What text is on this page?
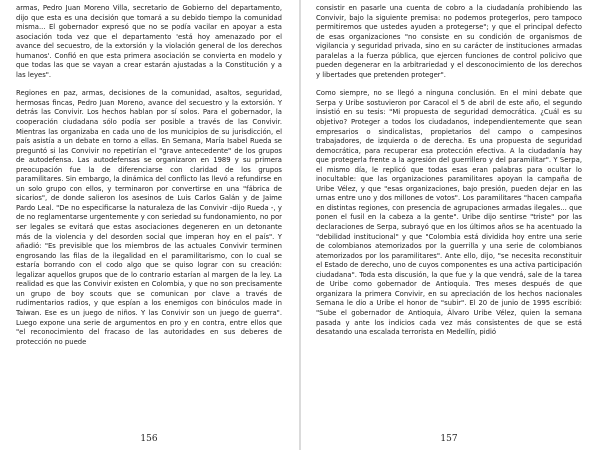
armas, Pedro Juan Moreno Villa, secretario de Gobierno del departamento, dijo que esta es una decisión que tomará a su debido tiempo la comunidad misma... El gobernador expresó que no se podía vacilar en apoyar a esta asociación toda vez que el departamento 'está hoy amenazado por el avance del secuestro, de la extorsión y la violación general de los derechos humanos'. Confió en que esta primera asociación se convierta en modelo y que todas las que se vayan a crear estarán ajustadas a la Constitución y a las leyes".

Regiones en paz, armas, decisiones de la comunidad, asaltos, seguridad, hermosas fincas, Pedro Juan Moreno, avance del secuestro y la extorsión. Y detrás las Convivir. Los hechos hablan por sí solos. Para el gobernador, la cooperación ciudadana sólo podía ser posible a través de las Convivir. Mientras las organizaba en cada uno de los municipios de su jurisdicción, el país asistía a un debate en torno a ellas. En Semana, María Isabel Rueda se preguntó si las Convivir no repetirían el "grave antecedente" de los grupos de autodefensa. Las autodefensas se organizaron en 1989 y su primera preocupación fue la de diferenciarse con claridad de los grupos paramilitares. Sin embargo, la dinámica del conflicto las llevó a refundirse en un solo grupo con ellos, y terminaron por convertirse en una "fábrica de sicarios", de donde salieron los asesinos de Luis Carlos Galán y de Jaime Pardo Leal. "De no especificarse la naturaleza de las Convivir -dijo Rueda -, y de no reglamentarse urgentemente y con seriedad su fundonamiento, no por ser legales se evitará que estas asociaciones degeneren en un detonante más de la violencia y del desorden social que imperan hoy en el país". Y añadió: "Es previsible que los miembros de las actuales Convivir terminen engrosando las filas de la ilegalidad en el paramilitarismo, con lo cual se estaría borrando con el codo algo que se quiso lograr con su creación: legalizar aquellos grupos que de lo contrario estarían al margen de la ley. La realidad es que las Convivir existen en Colombia, y que no son precisamente un grupo de boy scouts que se comunican por clave a través de rudimentarios radios, y que espían a los enemigos con binóculos made in Taiwan. Ese es un juego de niños. Y las Convivir son un juego de guerra". Luego expone una serie de argumentos en pro y en contra, entre ellos que "el reconocimiento del fracaso de las autoridades en sus deberes de protección no puede

156

consistir en pasarle una cuenta de cobro a la ciudadanía prohibiendo las Convivir, bajo la siguiente premisa: no podemos protegerlos, pero tampoco permitiremos que ustedes ayuden a protegerse"; y que el principal defecto de esas organizaciones "no consiste en su condición de organismos de vigilancia y seguridad privada, sino en su carácter de instituciones armadas paralelas a la fuerza pública, que ejercen funciones de control policivo que pueden degenerar en la arbitrariedad y el desconocimiento de los derechos y libertades que pretenden proteger".

Como siempre, no se llegó a ninguna conclusión. En el mini debate que Serpa y Uribe sostuvieron por Caracol el 5 de abril de este año, el segundo insistió en su tesis: "Mi propuesta de seguridad democrática. ¿Cuál es su objetivo? Proteger a todos los ciudadanos, independientemente que sean empresarios o sindicalistas, propietarios del campo o campesinos trabajadores, de izquierda o de derecha. Es una propuesta de seguridad democrática, para recuperar esa protección efectiva. A la ciudadanía hay que protegerla frente a la agresión del guerrillero y del paramilitar". Y Serpa, el mismo día, le replicó que todas esas eran palabras para ocultar lo inocultable: que las organizaciones paramilitares apoyan la campaña de Uribe Vélez, y que "esas organizaciones, bajo presión, pueden dejar en las urnas entre uno y dos millones de votos". Los paramilitares "hacen campaña en distintas regiones, con presencia de agrupaciones armadas ilegales... que ponen el fusil en la cabeza a la gente". Uribe dijo sentirse "triste" por las declaraciones de Serpa, subrayó que en los últimos años se ha acentuado la "debilidad institucional" y que "Colombia está dividida hoy entre una serie de colombianos atemorizados por la guerrilla y una serie de colombianos atemorizados por los paramilitares". Ante ello, dijo, "se necesita reconstituir el Estado de derecho, uno de cuyos componentes es una activa participación ciudadana". Toda esta discusión, la que fue y la que vendrá, sale de la tarea de Uribe como gobernador de Antioquia. Tres meses después de que organizara la primera Convivir, en su apreciación de los hechos nacionales Semana le dio a Uribe el honor de "subir". El 20 de junio de 1995 escribió: "Sube el gobernador de Antioquia, Álvaro Uribe Vélez, quien la semana pasada y ante los indicios cada vez más consistentes de que se está desatando una escalada terrorista en Medellín, pidió

157
